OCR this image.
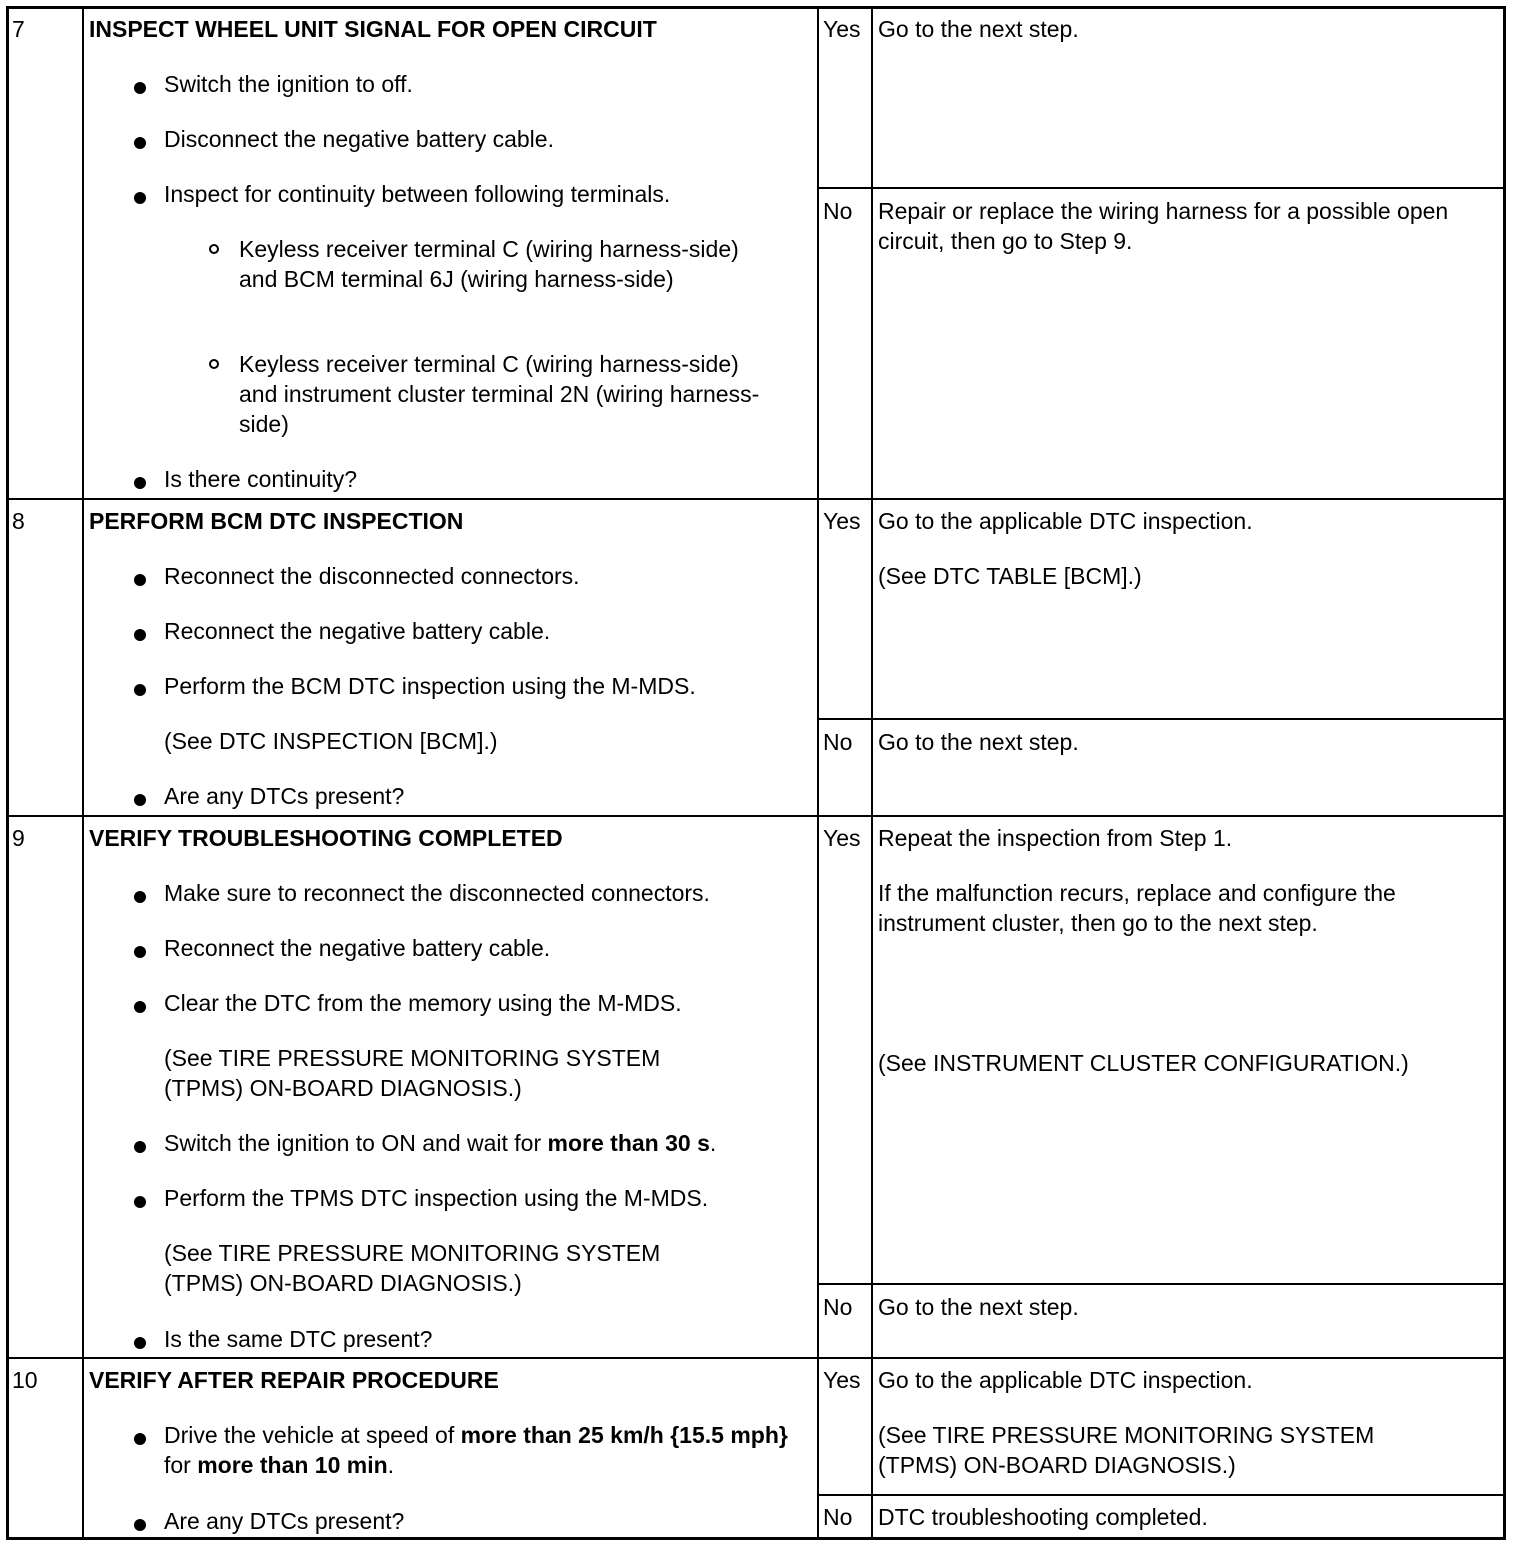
7	INSPECT WHEEL UNIT SIGNAL FOR OPEN CIRCUIT
Switch the ignition to off.
Disconnect the negative battery cable.
Inspect for continuity between following terminals.
Keyless receiver terminal C (wiring harness-side) and BCM terminal 6J (wiring harness-side)
Keyless receiver terminal C (wiring harness-side) and instrument cluster terminal 2N (wiring harness-side)
Is there continuity?
Yes Go to the next step.
No Repair or replace the wiring harness for a possible open circuit, then go to Step 9.
8	PERFORM BCM DTC INSPECTION
Reconnect the disconnected connectors.
Reconnect the negative battery cable.
Perform the BCM DTC inspection using the M-MDS.
(See DTC INSPECTION [BCM].)
Are any DTCs present?
Yes Go to the applicable DTC inspection.
(See DTC TABLE [BCM].)
No Go to the next step.
9	VERIFY TROUBLESHOOTING COMPLETED
Make sure to reconnect the disconnected connectors.
Reconnect the negative battery cable.
Clear the DTC from the memory using the M-MDS.
(See TIRE PRESSURE MONITORING SYSTEM (TPMS) ON-BOARD DIAGNOSIS.)
Switch the ignition to ON and wait for more than 30 s.
Perform the TPMS DTC inspection using the M-MDS.
(See TIRE PRESSURE MONITORING SYSTEM (TPMS) ON-BOARD DIAGNOSIS.)
Is the same DTC present?
Yes Repeat the inspection from Step 1.
If the malfunction recurs, replace and configure the instrument cluster, then go to the next step.
(See INSTRUMENT CLUSTER CONFIGURATION.)
No Go to the next step.
10 VERIFY AFTER REPAIR PROCEDURE
Drive the vehicle at speed of more than 25 km/h {15.5 mph} for more than 10 min.
Are any DTCs present?
Yes Go to the applicable DTC inspection.
(See TIRE PRESSURE MONITORING SYSTEM (TPMS) ON-BOARD DIAGNOSIS.)
No DTC troubleshooting completed.
